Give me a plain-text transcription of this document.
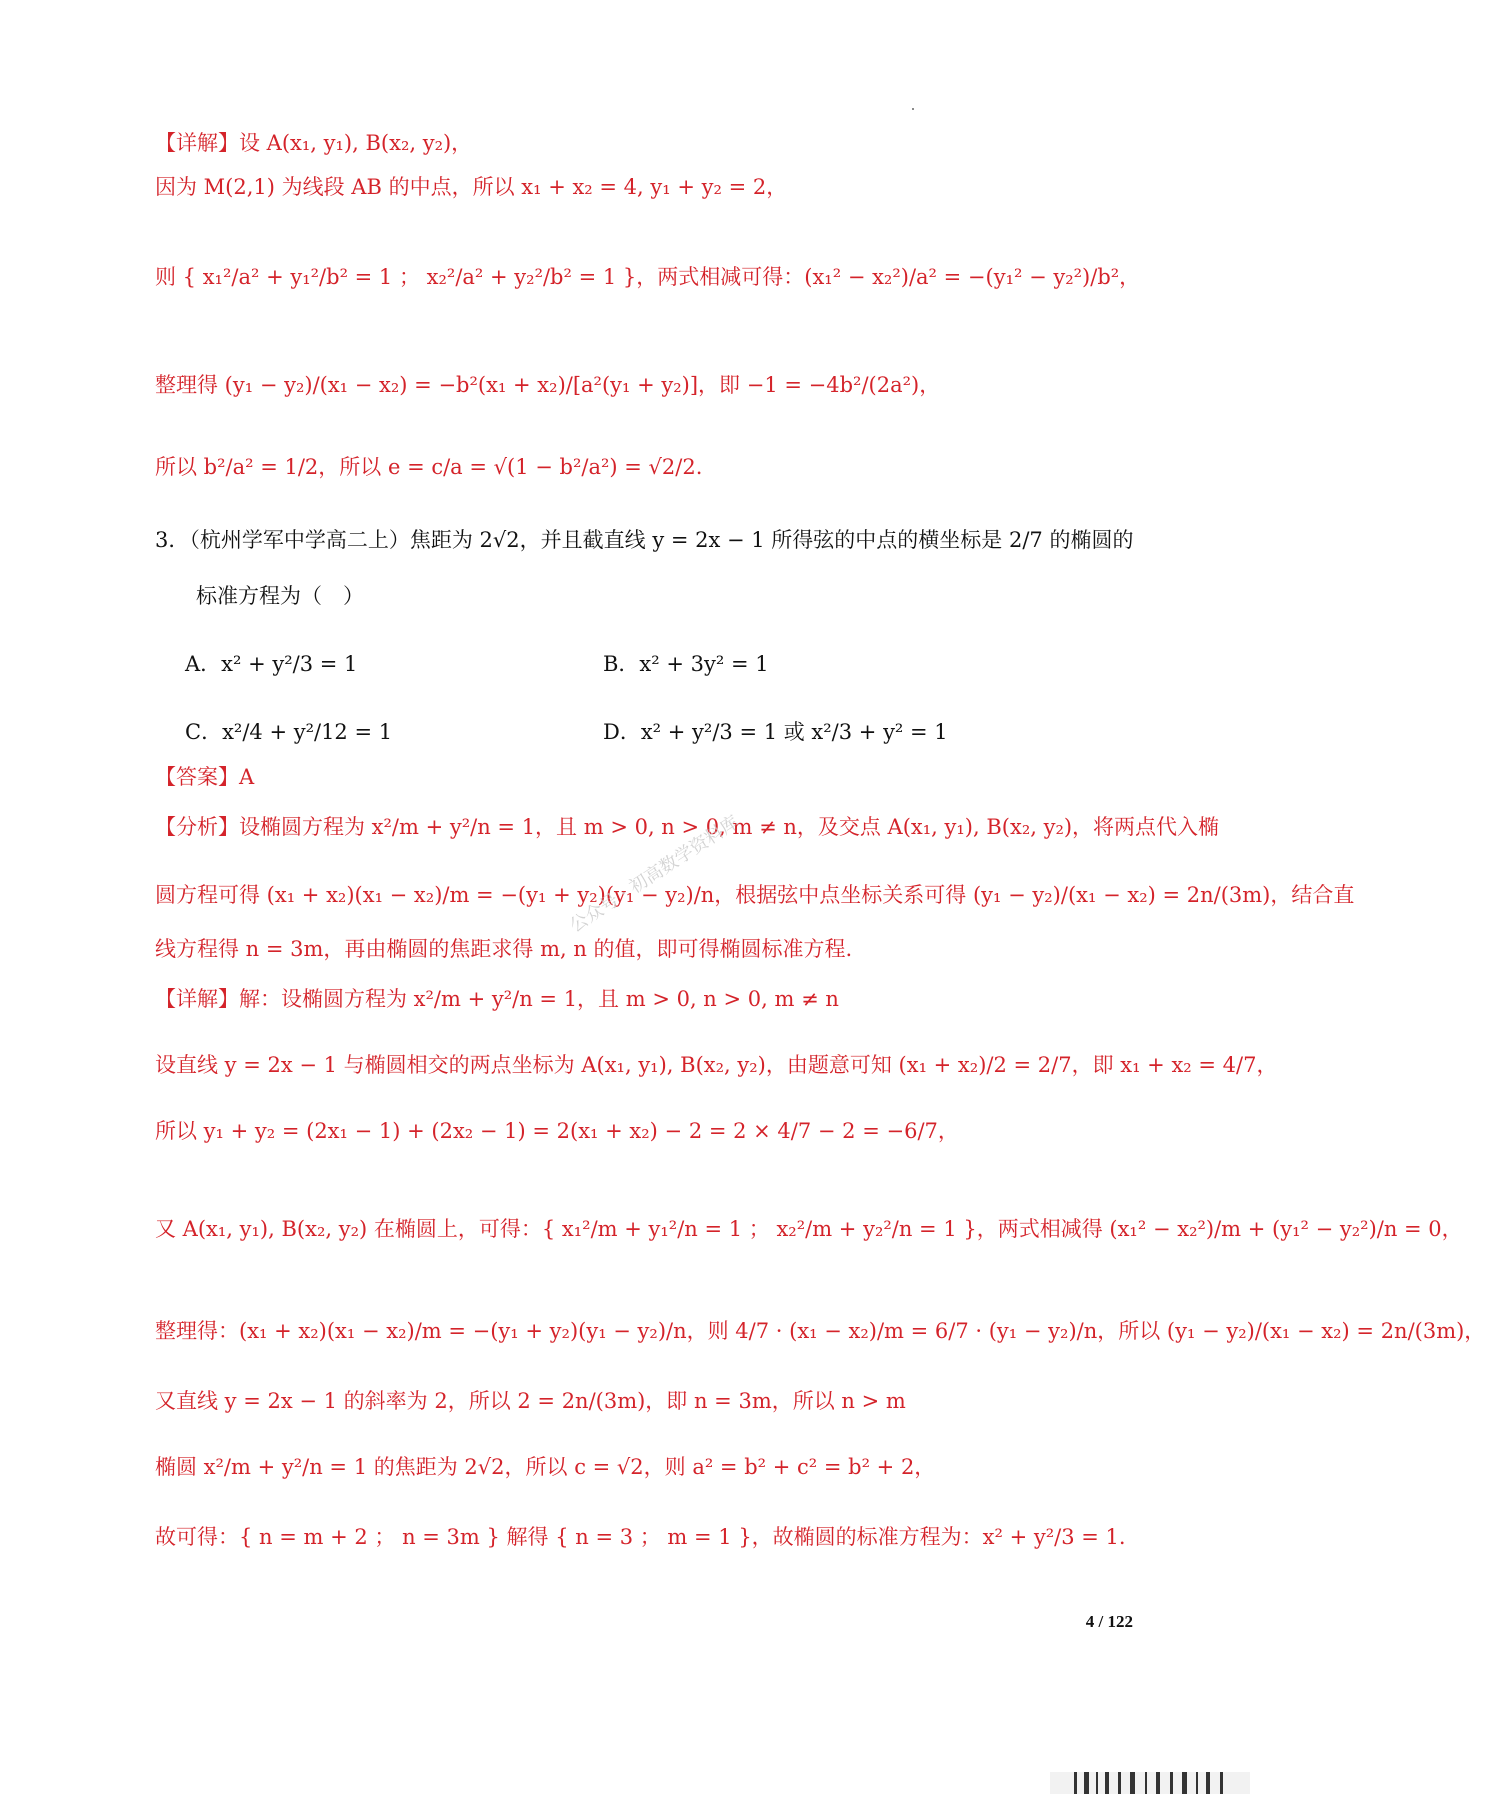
【详解】设 A(x₁, y₁), B(x₂, y₂)，
因为 M(2,1) 为线段 AB 的中点，所以 x₁ + x₂ = 4, y₁ + y₂ = 2，
则 { x₁²/a² + y₁²/b² = 1 ； x₂²/a² + y₂²/b² = 1 }，两式相减可得：(x₁² − x₂²)/a² = −(y₁² − y₂²)/b²，
整理得 (y₁ − y₂)/(x₁ − x₂) = −b²(x₁ + x₂)/[a²(y₁ + y₂)]，即 −1 = −4b²/(2a²)，
所以 b²/a² = 1/2，所以 e = c/a = √(1 − b²/a²) = √2/2.
3．（杭州学军中学高二上）焦距为 2√2，并且截直线 y = 2x − 1 所得弦的中点的横坐标是 2/7 的椭圆的
标准方程为（　）
A．x² + y²/3 = 1	B．x² + 3y² = 1
C．x²/4 + y²/12 = 1	D．x² + y²/3 = 1 或 x²/3 + y² = 1
【答案】A
【分析】设椭圆方程为 x²/m + y²/n = 1，且 m > 0, n > 0, m ≠ n，及交点 A(x₁, y₁), B(x₂, y₂)，将两点代入椭
圆方程可得 (x₁ + x₂)(x₁ − x₂)/m = −(y₁ + y₂)(y₁ − y₂)/n，根据弦中点坐标关系可得 (y₁ − y₂)/(x₁ − x₂) = 2n/(3m)，结合直
线方程得 n = 3m，再由椭圆的焦距求得 m, n 的值，即可得椭圆标准方程.
【详解】解：设椭圆方程为 x²/m + y²/n = 1，且 m > 0, n > 0, m ≠ n
设直线 y = 2x − 1 与椭圆相交的两点坐标为 A(x₁, y₁), B(x₂, y₂)，由题意可知 (x₁ + x₂)/2 = 2/7，即 x₁ + x₂ = 4/7，
所以 y₁ + y₂ = (2x₁ − 1) + (2x₂ − 1) = 2(x₁ + x₂) − 2 = 2 × 4/7 − 2 = −6/7，
又 A(x₁, y₁), B(x₂, y₂) 在椭圆上，可得：{ x₁²/m + y₁²/n = 1 ； x₂²/m + y₂²/n = 1 }，两式相减得 (x₁² − x₂²)/m + (y₁² − y₂²)/n = 0，
整理得：(x₁ + x₂)(x₁ − x₂)/m = −(y₁ + y₂)(y₁ − y₂)/n，则 4/7 · (x₁ − x₂)/m = 6/7 · (y₁ − y₂)/n，所以 (y₁ − y₂)/(x₁ − x₂) = 2n/(3m)，
又直线 y = 2x − 1 的斜率为 2，所以 2 = 2n/(3m)，即 n = 3m，所以 n > m
椭圆 x²/m + y²/n = 1 的焦距为 2√2，所以 c = √2，则 a² = b² + c² = b² + 2，
故可得：{ n = m + 2 ； n = 3m } 解得 { n = 3 ； m = 1 }，故椭圆的标准方程为：x² + y²/3 = 1.
公众号 · 初高数学资料库
4 / 122
